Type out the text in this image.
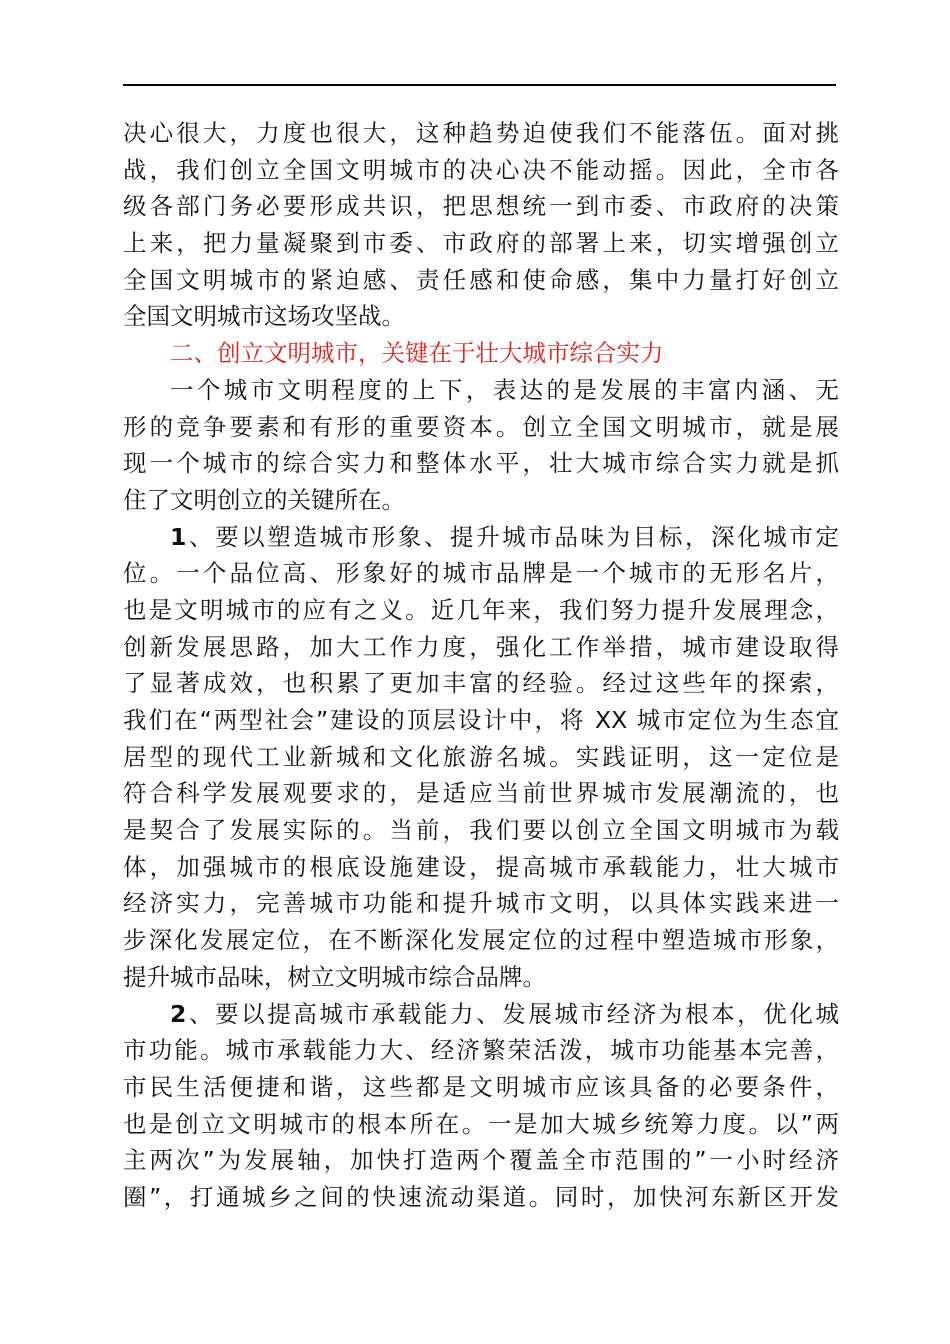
决心很大，力度也很大，这种趋势迫使我们不能落伍。面对挑
战，我们创立全国文明城市的决心决不能动摇。因此，全市各
级各部门务必要形成共识，把思想统一到市委、市政府的决策
上来，把力量凝聚到市委、市政府的部署上来，切实增强创立
全国文明城市的紧迫感、责任感和使命感，集中力量打好创立
全国文明城市这场攻坚战。
二、创立文明城市，关键在于壮大城市综合实力
一个城市文明程度的上下，表达的是发展的丰富内涵、无
形的竞争要素和有形的重要资本。创立全国文明城市，就是展
现一个城市的综合实力和整体水平，壮大城市综合实力就是抓
住了文明创立的关键所在。
1、要以塑造城市形象、提升城市品味为目标，深化城市定
位。一个品位高、形象好的城市品牌是一个城市的无形名片，
也是文明城市的应有之义。近几年来，我们努力提升发展理念，
创新发展思路，加大工作力度，强化工作举措，城市建设取得
了显著成效，也积累了更加丰富的经验。经过这些年的探索，
我们在“两型社会”建设的顶层设计中，将 XX 城市定位为生态宜
居型的现代工业新城和文化旅游名城。实践证明，这一定位是
符合科学发展观要求的，是适应当前世界城市发展潮流的，也
是契合了发展实际的。当前，我们要以创立全国文明城市为载
体，加强城市的根底设施建设，提高城市承载能力，壮大城市
经济实力，完善城市功能和提升城市文明，以具体实践来进一
步深化发展定位，在不断深化发展定位的过程中塑造城市形象，
提升城市品味，树立文明城市综合品牌。
2、要以提高城市承载能力、发展城市经济为根本，优化城
市功能。城市承载能力大、经济繁荣活泼，城市功能基本完善，
市民生活便捷和谐，这些都是文明城市应该具备的必要条件，
也是创立文明城市的根本所在。一是加大城乡统筹力度。以”两
主两次”为发展轴，加快打造两个覆盖全市范围的”一小时经济
圈”，打通城乡之间的快速流动渠道。同时，加快河东新区开发
